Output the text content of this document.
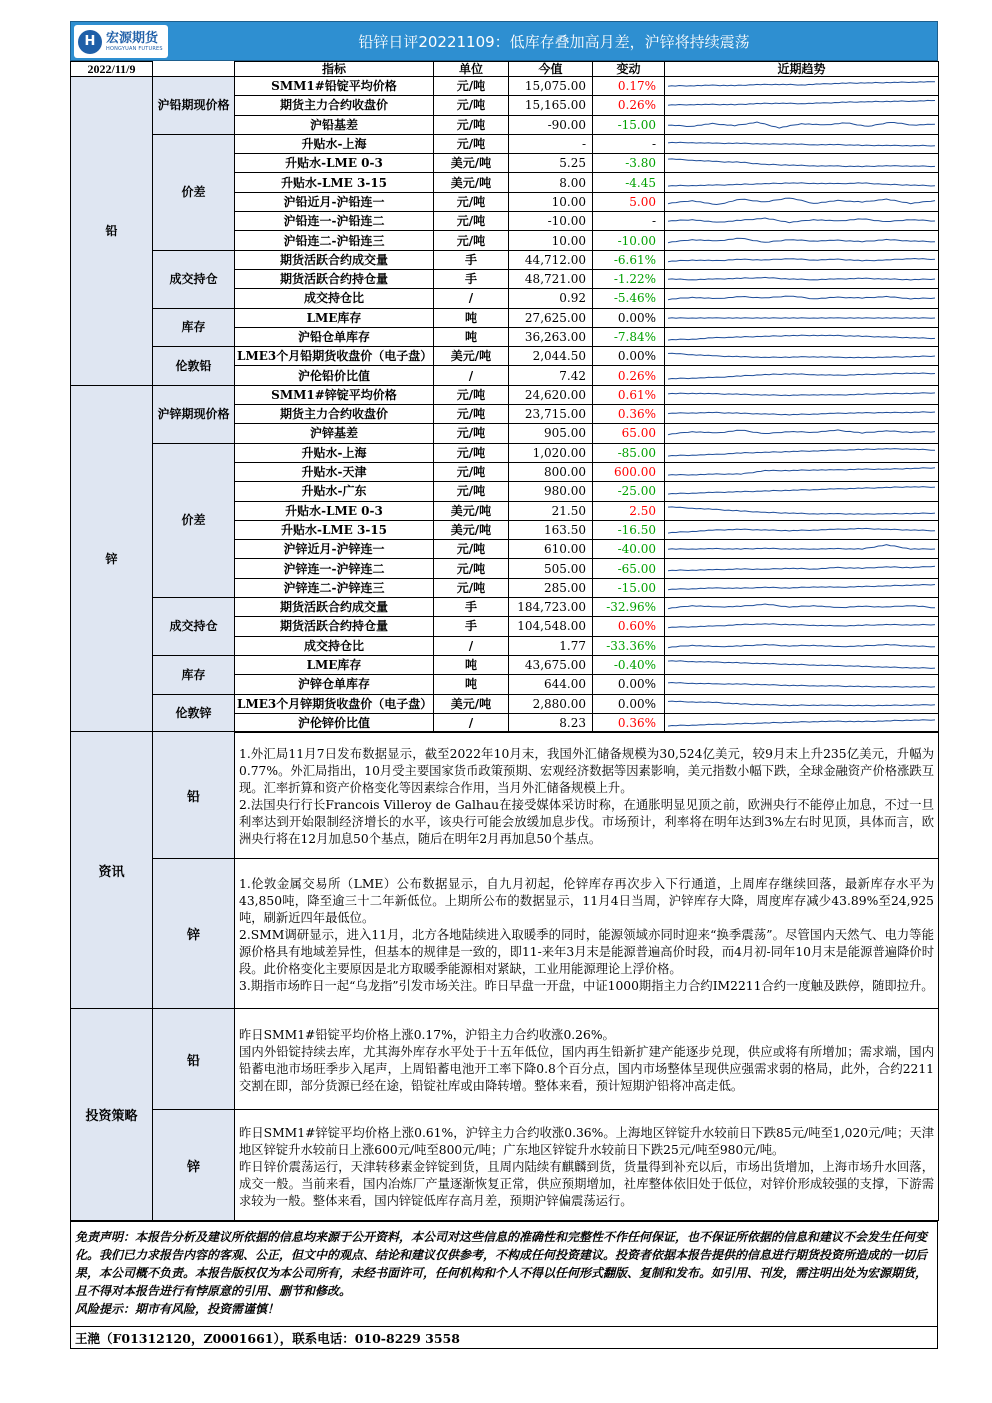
H 宏源期货
HONGYUAN FUTURES	铅锌日评20221109：低库存叠加高月差，沪锌将持续震荡
2022/11/9		指标	单位	今值	变动	近期趋势
铅	沪铅期现价格	SMM1#铅锭平均价格	元/吨	15,075.00	0.17%	

		期货主力合约收盘价	元/吨	15,165.00	0.26%	

		沪铅基差	元/吨	-90.00	-15.00	

	价差	升贴水-上海	元/吨	-	-	

		升贴水-LME 0-3	美元/吨	5.25	-3.80	

		升贴水-LME 3-15	美元/吨	8.00	-4.45	

		沪铅近月-沪铅连一	元/吨	10.00	5.00	

		沪铅连一-沪铅连二	元/吨	-10.00	-	

		沪铅连二-沪铅连三	元/吨	10.00	-10.00	

	成交持仓	期货活跃合约成交量	手	44,712.00	-6.61%	

		期货活跃合约持仓量	手	48,721.00	-1.22%	

		成交持仓比	/	0.92	-5.46%	

	库存	LME库存	吨	27,625.00	0.00%	

		沪铅仓单库存	吨	36,263.00	-7.84%	

	伦敦铅	LME3个月铅期货收盘价（电子盘）	美元/吨	2,044.50	0.00%	

		沪伦铅价比值	/	7.42	0.26%	

锌	沪锌期现价格	SMM1#锌锭平均价格	元/吨	24,620.00	0.61%	

		期货主力合约收盘价	元/吨	23,715.00	0.36%	

		沪锌基差	元/吨	905.00	65.00	

	价差	升贴水-上海	元/吨	1,020.00	-85.00	

		升贴水-天津	元/吨	800.00	600.00	

		升贴水-广东	元/吨	980.00	-25.00	

		升贴水-LME 0-3	美元/吨	21.50	2.50	

		升贴水-LME 3-15	美元/吨	163.50	-16.50	

		沪锌近月-沪锌连一	元/吨	610.00	-40.00	

		沪锌连一-沪锌连二	元/吨	505.00	-65.00	

		沪锌连二-沪锌连三	元/吨	285.00	-15.00	

	成交持仓	期货活跃合约成交量	手	184,723.00	-32.96%	

		期货活跃合约持仓量	手	104,548.00	0.60%	

		成交持仓比	/	1.77	-33.36%	

	库存	LME库存	吨	43,675.00	-0.40%	

		沪锌仓单库存	吨	644.00	0.00%	

	伦敦锌	LME3个月锌期货收盘价（电子盘）	美元/吨	2,880.00	0.00%	

		沪伦锌价比值	/	8.23	0.36%	
资讯	铅	1.外汇局11月7日发布数据显示，截至2022年10月末，我国外汇储备规模为30,524亿美元，较9月末上升235亿美元，升幅为0.77%。外汇局指出，10月受主要国家货币政策预期、宏观经济数据等因素影响，美元指数小幅下跌，全球金融资产价格涨跌互现。汇率折算和资产价格变化等因素综合作用，当月外汇储备规模上升。
2.法国央行行长Francois Villeroy de Galhau在接受媒体采访时称，在通胀明显见顶之前，欧洲央行不能停止加息，不过一旦利率达到开始限制经济增长的水平，该央行可能会放缓加息步伐。市场预计，利率将在明年达到3%左右时见顶，具体而言，欧洲央行将在12月加息50个基点，随后在明年2月再加息50个基点。

	锌	1.伦敦金属交易所（LME）公布数据显示，自九月初起，伦锌库存再次步入下行通道，上周库存继续回落，最新库存水平为43,850吨，降至逾三十二年新低位。上期所公布的数据显示，11月4日当周，沪锌库存大降，周度库存减少43.89%至24,925吨，刷新近四年最低位。
2.SMM调研显示，进入11月，北方各地陆续进入取暖季的同时，能源领域亦同时迎来“换季震荡”。尽管国内天然气、电力等能源价格具有地域差异性，但基本的规律是一致的，即11-来年3月末是能源普遍高价时段，而4月初-同年10月末是能源普遍降价时段。此价格变化主要原因是北方取暖季能源相对紧缺，工业用能源理论上浮价格。
3.期指市场昨日一起“乌龙指”引发市场关注。昨日早盘一开盘，中证1000期指主力合约IM2211合约一度触及跌停，随即拉升。

投资策略	铅	昨日SMM1#铅锭平均价格上涨0.17%，沪铅主力合约收涨0.26%。
国内外铅锭持续去库，尤其海外库存水平处于十五年低位，国内再生铅新扩建产能逐步兑现，供应或将有所增加；需求端，国内铅蓄电池市场旺季步入尾声，上周铅蓄电池开工率下降0.8个百分点，国内市场整体呈现供应强需求弱的格局，此外，合约2211交割在即，部分货源已经在途，铅锭社库或由降转增。整体来看，预计短期沪铅将冲高走低。

	锌	昨日SMM1#锌锭平均价格上涨0.61%，沪锌主力合约收涨0.36%。上海地区锌锭升水较前日下跌85元/吨至1,020元/吨；天津地区锌锭升水较前日上涨600元/吨至800元/吨；广东地区锌锭升水较前日下跌25元/吨至980元/吨。
昨日锌价震荡运行，天津转移素金锌锭到货，且周内陆续有麒麟到货，货量得到补充以后，市场出货增加，上海市场升水回落，成交一般。当前来看，国内冶炼厂产量逐渐恢复正常，供应预期增加，社库整体依旧处于低位，对锌价形成较强的支撑，下游需求较为一般。整体来看，国内锌锭低库存高月差，预期沪锌偏震荡运行。
免责声明：本报告分析及建议所依据的信息均来源于公开资料，本公司对这些信息的准确性和完整性不作任何保证，也不保证所依据的信息和建议不会发生任何变化。我们已力求报告内容的客观、公正，但文中的观点、结论和建议仅供参考，不构成任何投资建议。投资者依据本报告提供的信息进行期货投资所造成的一切后果，本公司概不负责。本报告版权仅为本公司所有，未经书面许可，任何机构和个人不得以任何形式翻版、复制和发布。如引用、刊发，需注明出处为宏源期货，且不得对本报告进行有悖原意的引用、删节和修改。
风险提示：期市有风险，投资需谨慎！
王滟（F01312120，Z0001661），联系电话：010-8229 3558
